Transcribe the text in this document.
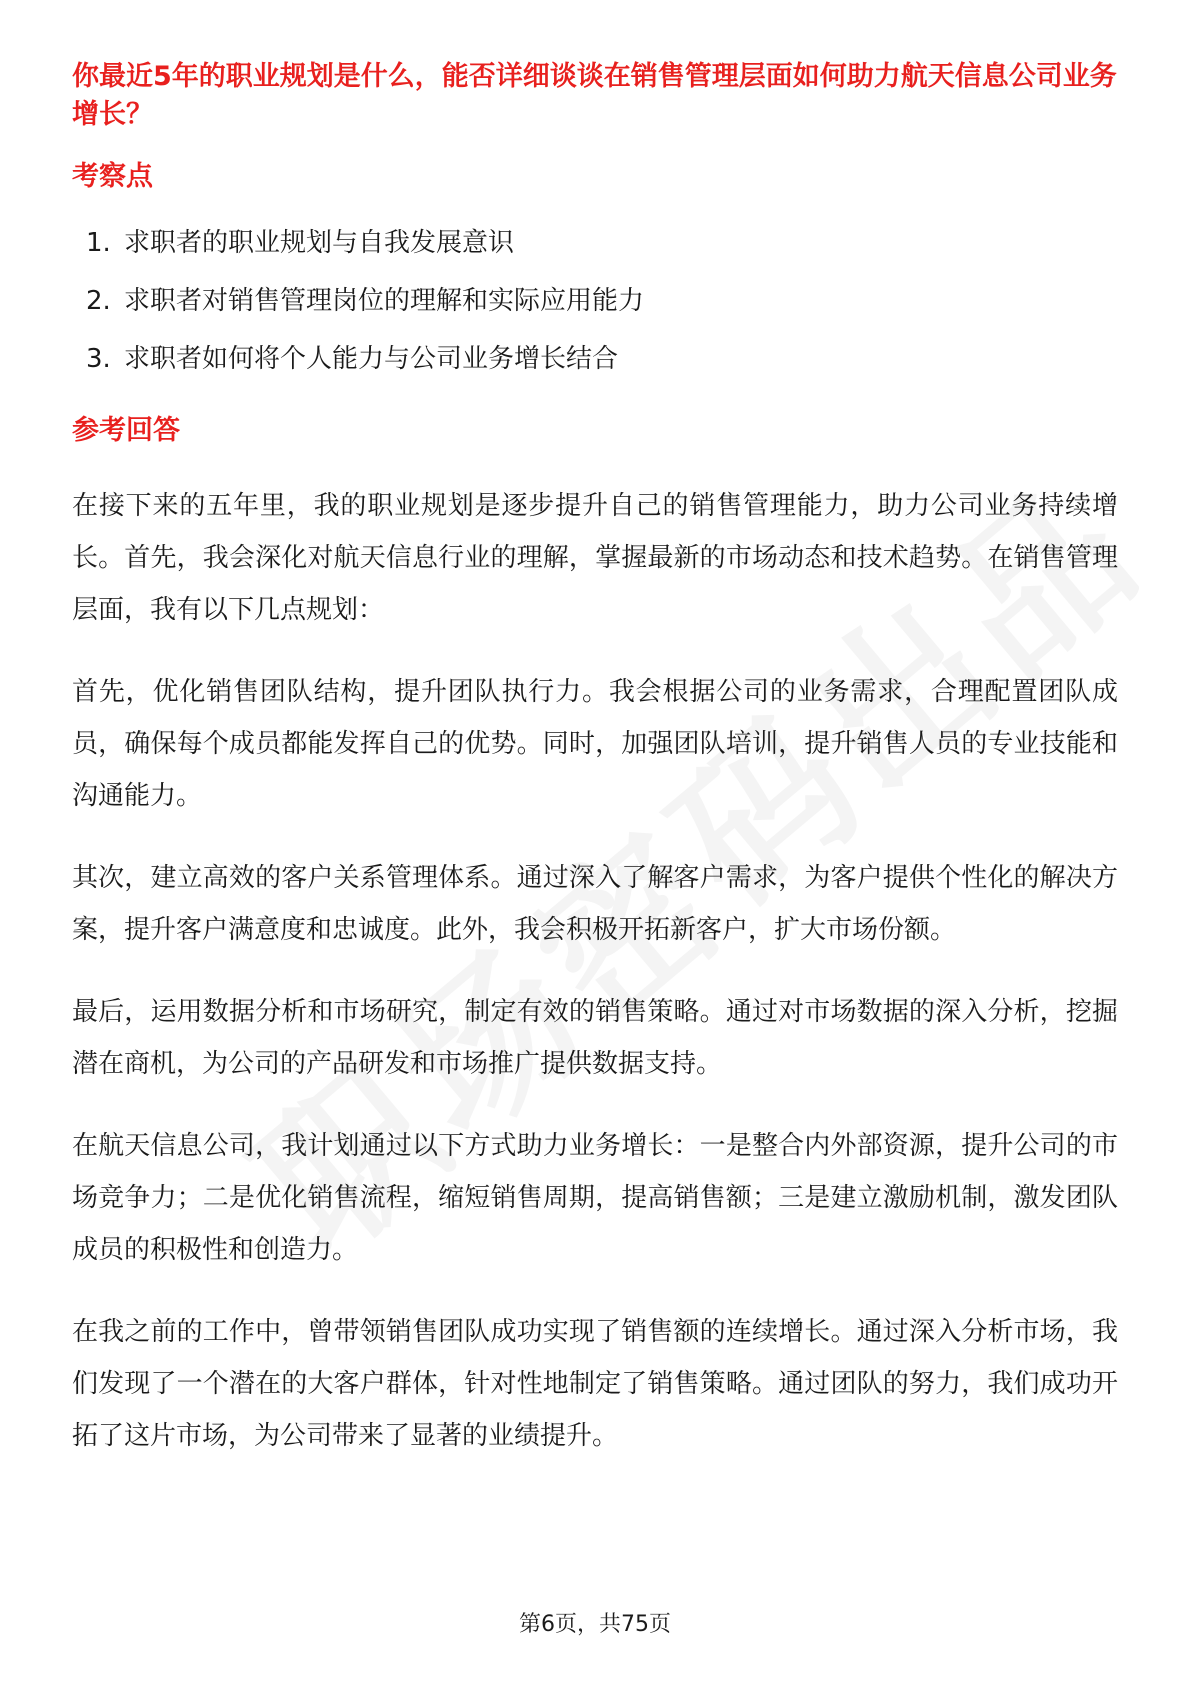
你最近5年的职业规划是什么，能否详细谈谈在销售管理层面如何助力航天信息公司业务增长？
考察点
1. 求职者的职业规划与自我发展意识
2. 求职者对销售管理岗位的理解和实际应用能力
3. 求职者如何将个人能力与公司业务增长结合
参考回答

在接下来的五年里，我的职业规划是逐步提升自己的销售管理能力，助力公司业务持续增长。首先，我会深化对航天信息行业的理解，掌握最新的市场动态和技术趋势。在销售管理层面，我有以下几点规划：

首先，优化销售团队结构，提升团队执行力。我会根据公司的业务需求，合理配置团队成员，确保每个成员都能发挥自己的优势。同时，加强团队培训，提升销售人员的专业技能和沟通能力。

其次，建立高效的客户关系管理体系。通过深入了解客户需求，为客户提供个性化的解决方案，提升客户满意度和忠诚度。此外，我会积极开拓新客户，扩大市场份额。

最后，运用数据分析和市场研究，制定有效的销售策略。通过对市场数据的深入分析，挖掘潜在商机，为公司的产品研发和市场推广提供数据支持。

在航天信息公司，我计划通过以下方式助力业务增长：一是整合内外部资源，提升公司的市场竞争力；二是优化销售流程，缩短销售周期，提高销售额；三是建立激励机制，激发团队成员的积极性和创造力。

在我之前的工作中，曾带领销售团队成功实现了销售额的连续增长。通过深入分析市场，我们发现了一个潜在的大客户群体，针对性地制定了销售策略。通过团队的努力，我们成功开拓了这片市场，为公司带来了显著的业绩提升。

第6页，共75页
